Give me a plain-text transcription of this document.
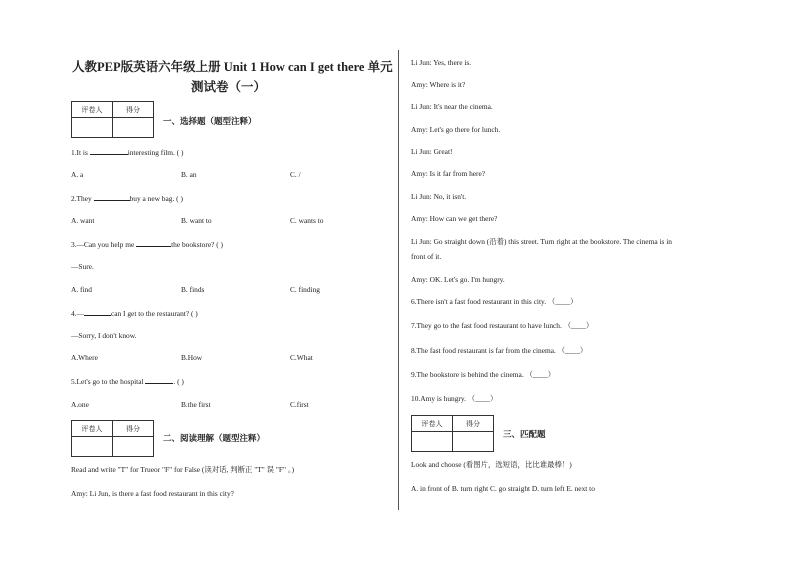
人教PEP版英语六年级上册 Unit 1 How can I get there 单元
测试卷（一）
评卷人	得分

一、选择题（题型注释）
1.It is	interesting film. ( )
A. a	B. an	C. /
2.They	buy a new bag. ( )
A. want	B. want to	C. wants to
3.—Can you help me	the bookstore? ( )
—Sure.
A. find	B. finds	C. finding
4.—	can I get to the restaurant? ( )
—Sorry, I don't know.
A.Where	B.How	C.What
5.Let's go to the hospital	. ( )
A.one	B.the first	C.first
评卷人	得分

二、阅读理解（题型注释）
Read and write "T" for Trueor "F" for False (读对话, 判断正 "T" 误 "F" 。)
Amy: Li Jun, is there a fast food restaurant in this city?
Li Jun: Yes, there is.
Amy: Where is it?
Li Jun: It's near the cinema.
Amy: Let's go there for lunch.
Li Jun: Great!
Amy: Is it far from here?
Li Jun: No, it isn't.
Amy: How can we get there?
Li Jun: Go straight down (沿着) this street. Turn right at the bookstore. The cinema is in
front of it.
Amy: OK. Let's go. I'm hungry.
6.There isn't a fast food restaurant in this city. （____）
7.They go to the fast food restaurant to have lunch. （____）
8.The fast food restaurant is far from the cinema. （____）
9.The bookstore is behind the cinema. （____）
10.Amy is hungry. （____）
评卷人	得分

三、匹配题
Look and choose (看图片，选短语，比比谁最棒！)
A. in front of B. turn right C. go straight D. turn left E. next to
